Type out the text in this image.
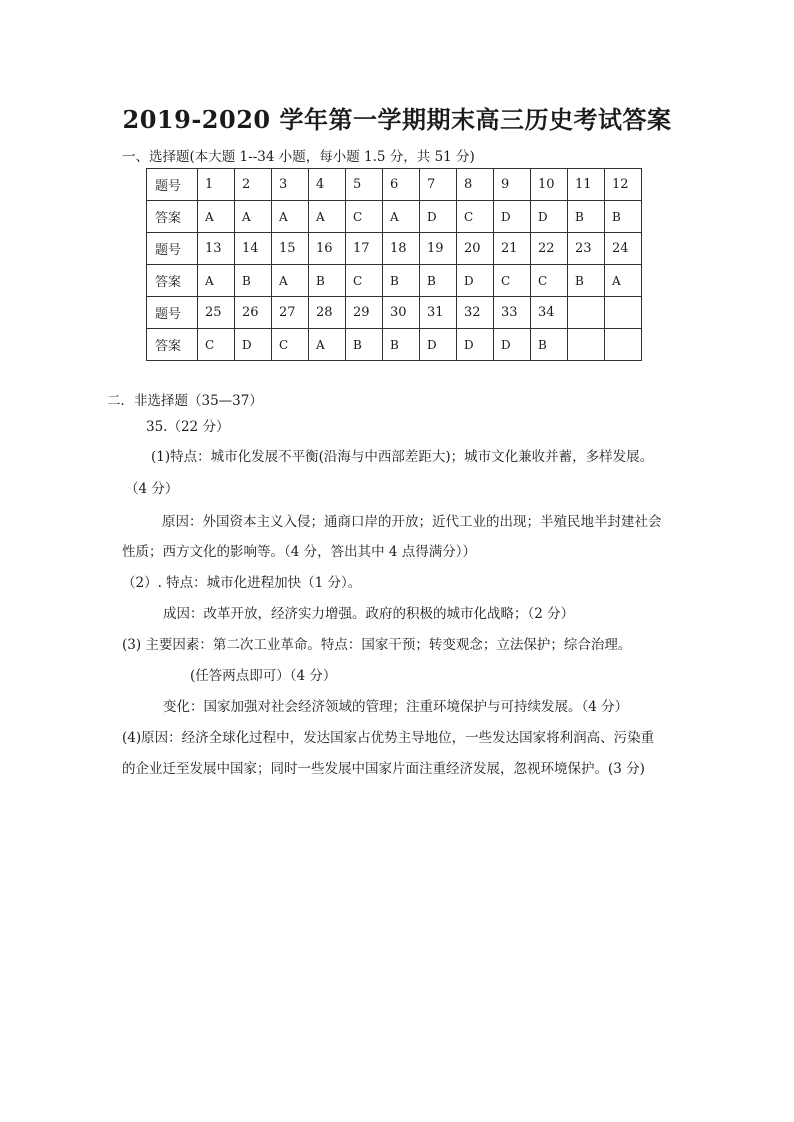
2019-2020 学年第一学期期末高三历史考试答案
一、选择题(本大题 1--34 小题，每小题 1.5 分，共 51 分)
题号	1	2	3	4	5	6	7	8	9	10	11	12
答案	A	A	A	A	C	A	D	C	D	D	B	B
题号	13	14	15	16	17	18	19	20	21	22	23	24
答案	A	B	A	B	C	B	B	D	C	C	B	A
题号	25	26	27	28	29	30	31	32	33	34		
答案	C	D	C	A	B	B	D	D	D	B		
二．非选择题（35—37）
35.（22 分）
(1)特点：城市化发展不平衡(沿海与中西部差距大)；城市文化兼收并蓄，多样发展。
（4 分）
原因：外国资本主义入侵；通商口岸的开放；近代工业的出现；半殖民地半封建社会
性质；西方文化的影响等。（4 分，答出其中 4 点得满分））
（2）. 特点：城市化进程加快（1 分）。
成因：改革开放，经济实力增强。政府的积极的城市化战略；（2 分）
(3) 主要因素：第二次工业革命。特点：国家干预；转变观念；立法保护；综合治理。
(任答两点即可）（4 分）
变化：国家加强对社会经济领域的管理；注重环境保护与可持续发展。（4 分）
(4)原因：经济全球化过程中，发达国家占优势主导地位，一些发达国家将利润高、污染重
的企业迁至发展中国家；同时一些发展中国家片面注重经济发展，忽视环境保护。(3 分)
